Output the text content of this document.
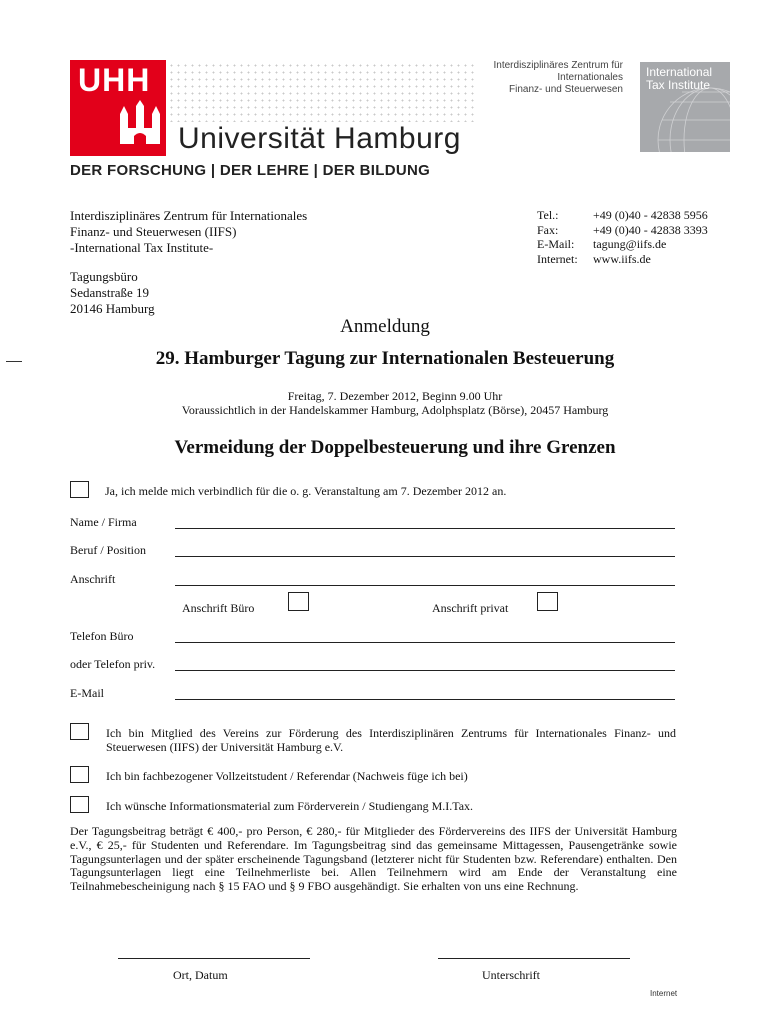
UHH
Universität Hamburg
DER FORSCHUNG | DER LEHRE | DER BILDUNG
Interdisziplinäres Zentrum für
Internationales
Finanz- und Steuerwesen
International
Tax Institute
Interdisziplinäres Zentrum für Internationales
Finanz- und Steuerwesen (IIFS)
-International Tax Institute-
Tel.:	+49 (0)40 - 42838 5956
Fax:	+49 (0)40 - 42838 3393
E-Mail:	tagung@iifs.de
Internet:	www.iifs.de
Tagungsbüro
Sedanstraße 19
20146 Hamburg
Anmeldung
29. Hamburger Tagung zur Internationalen Besteuerung
Freitag, 7. Dezember 2012, Beginn 9.00 Uhr
Voraussichtlich in der Handelskammer Hamburg, Adolphsplatz (Börse), 20457 Hamburg
Vermeidung der Doppelbesteuerung und ihre Grenzen
Ja, ich melde mich verbindlich für die o. g. Veranstaltung am 7. Dezember 2012 an.
Name / Firma
Beruf / Position
Anschrift
Anschrift Büro	Anschrift privat
Telefon Büro
oder Telefon priv.
E-Mail
Ich bin Mitglied des Vereins zur Förderung des Interdisziplinären Zentrums für Internationales Finanz- und
Steuerwesen (IIFS) der Universität Hamburg e.V.
Ich bin fachbezogener Vollzeitstudent / Referendar (Nachweis füge ich bei)
Ich wünsche Informationsmaterial zum Förderverein / Studiengang M.I.Tax.
Der Tagungsbeitrag beträgt € 400,- pro Person, € 280,- für Mitglieder des Fördervereins des IIFS der Universität Hamburg e.V., € 25,- für Studenten und Referendare. Im Tagungsbeitrag sind das gemeinsame Mittagessen, Pausengetränke sowie Tagungsunterlagen und der später erscheinende Tagungsband (letzterer nicht für Studenten bzw. Referendare) enthalten. Den Tagungsunterlagen liegt eine Teilnehmerliste bei. Allen Teilnehmern wird am Ende der Veranstaltung eine Teilnahmebescheinigung nach § 15 FAO und § 9 FBO ausgehändigt. Sie erhalten von uns eine Rechnung.
Ort, Datum	Unterschrift
Internet
